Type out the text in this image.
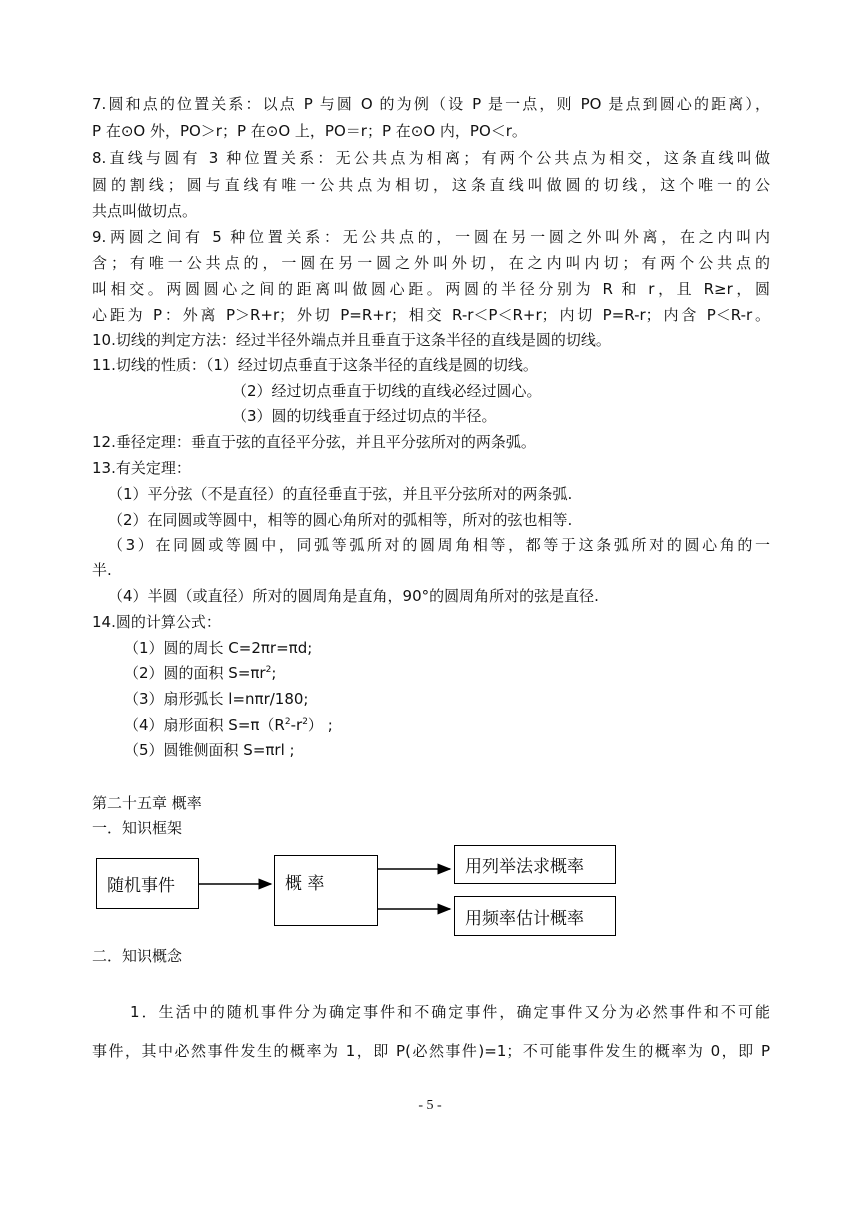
7.圆和点的位置关系：以点 P 与圆 O 的为例（设 P 是一点，则 PO 是点到圆心的距离），
P 在⊙O 外，PO＞r；P 在⊙O 上，PO＝r；P 在⊙O 内，PO＜r。
8.直线与圆有 3 种位置关系：无公共点为相离；有两个公共点为相交，这条直线叫做
圆的割线；圆与直线有唯一公共点为相切，这条直线叫做圆的切线，这个唯一的公
共点叫做切点。
9.两圆之间有 5 种位置关系：无公共点的，一圆在另一圆之外叫外离，在之内叫内
含；有唯一公共点的，一圆在另一圆之外叫外切，在之内叫内切；有两个公共点的
叫相交。两圆圆心之间的距离叫做圆心距。两圆的半径分别为 R 和 r，且 R≥r，圆
心距为 P：外离 P＞R+r；外切 P=R+r；相交 R-r＜P＜R+r；内切 P=R-r；内含 P＜R-r。
10.切线的判定方法：经过半径外端点并且垂直于这条半径的直线是圆的切线。
11.切线的性质：（1）经过切点垂直于这条半径的直线是圆的切线。
（2）经过切点垂直于切线的直线必经过圆心。
（3）圆的切线垂直于经过切点的半径。
12.垂径定理：垂直于弦的直径平分弦，并且平分弦所对的两条弧。
13.有关定理：
（1）平分弦（不是直径）的直径垂直于弦，并且平分弦所对的两条弧.
（2）在同圆或等圆中，相等的圆心角所对的弧相等，所对的弦也相等.
（3）在同圆或等圆中，同弧等弧所对的圆周角相等，都等于这条弧所对的圆心角的一
半.
（4）半圆（或直径）所对的圆周角是直角，90°的圆周角所对的弦是直径.
14.圆的计算公式：
（1）圆的周长 C=2πr=πd;
（2）圆的面积 $S=\pi r^2$;
（3）扇形弧长 l=nπr/180;
（4）扇形面积 $S=\pi(R^2-r^2)$ ;
（5）圆锥侧面积 S=πrl ;
第二十五章 概率
一．知识框架
随机事件	概 率
用列举法求概率
用频率估计概率
二．知识概念
1．生活中的随机事件分为确定事件和不确定事件，确定事件又分为必然事件和不可能
事件，其中必然事件发生的概率为 1，即 P(必然事件)=1；不可能事件发生的概率为 0，即 P
- 5 -
